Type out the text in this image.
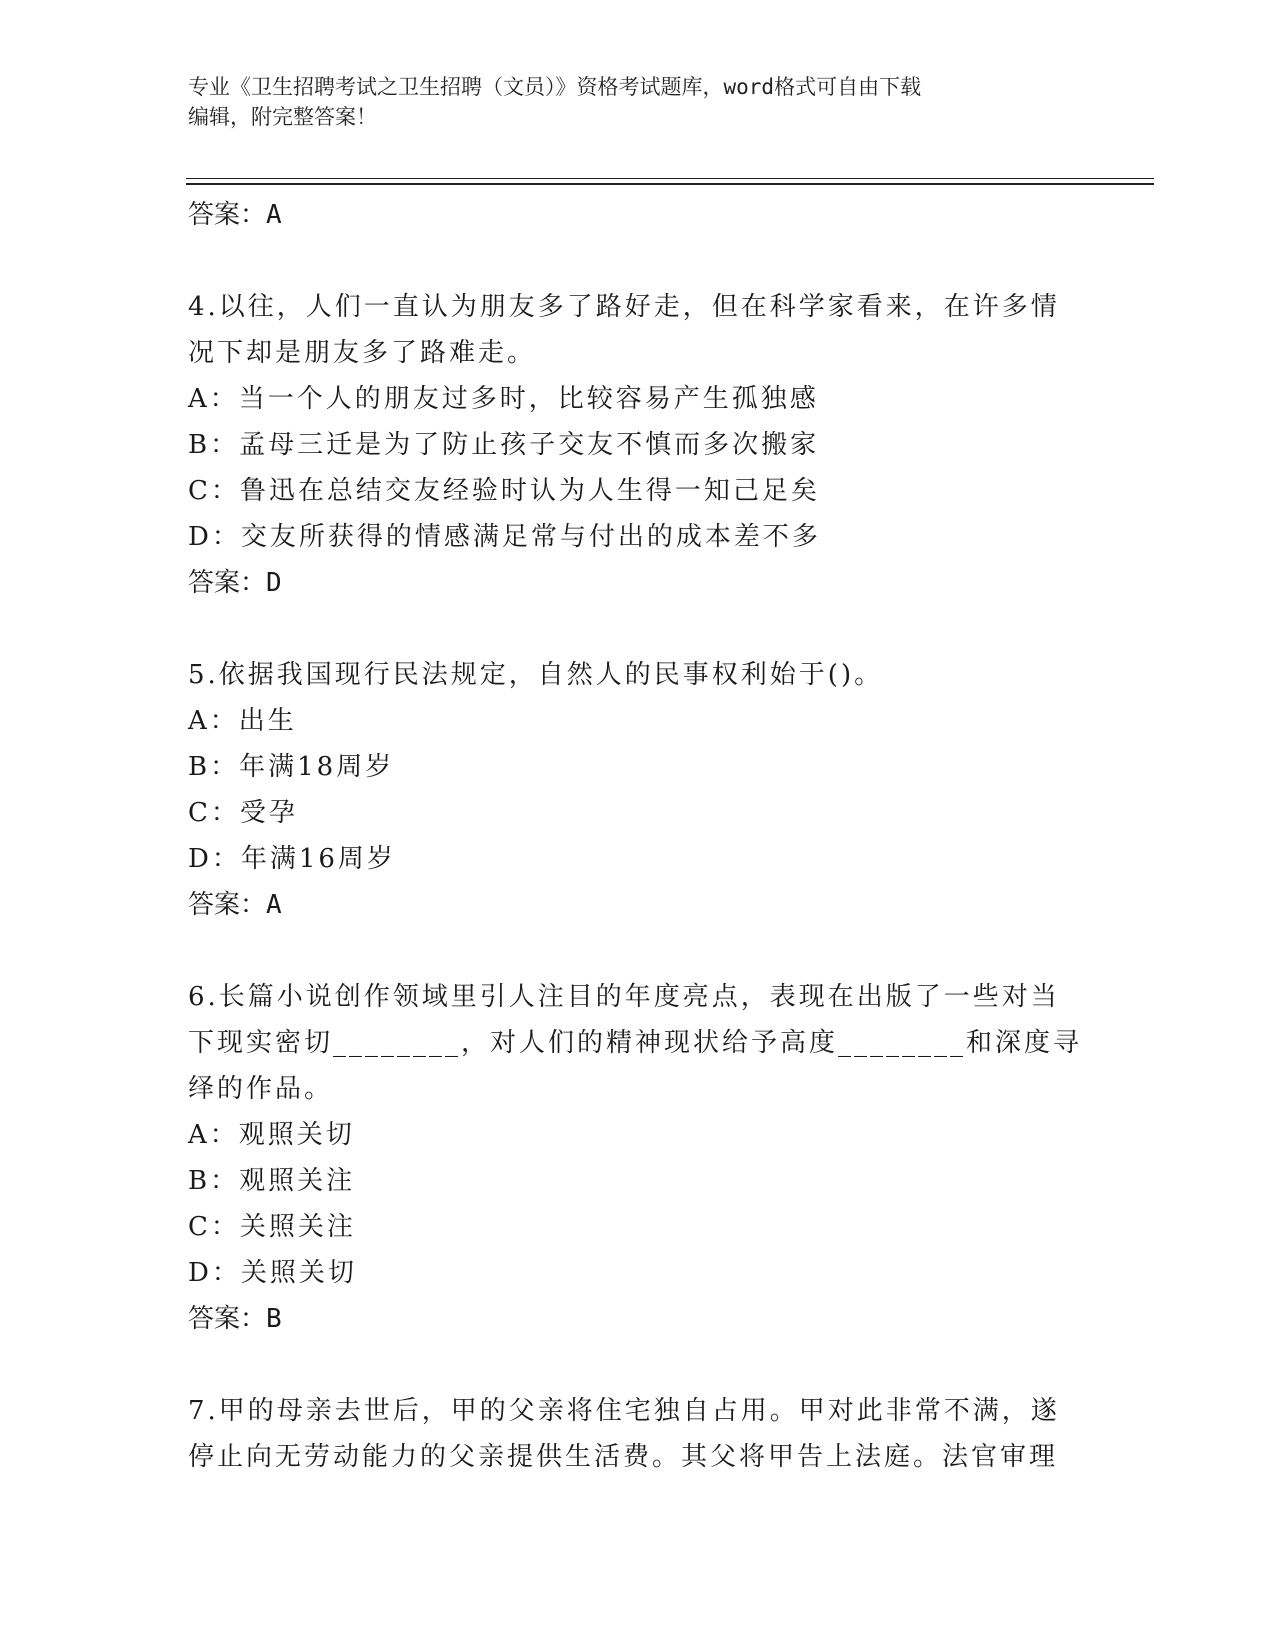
专业《卫生招聘考试之卫生招聘（文员）》资格考试题库，word格式可自由下载
编辑，附完整答案！
答案：A
4.以往，人们一直认为朋友多了路好走，但在科学家看来，在许多情
况下却是朋友多了路难走。
A：当一个人的朋友过多时，比较容易产生孤独感
B：孟母三迁是为了防止孩子交友不慎而多次搬家
C：鲁迅在总结交友经验时认为人生得一知己足矣
D：交友所获得的情感满足常与付出的成本差不多
答案：D
5.依据我国现行民法规定，自然人的民事权利始于()。
A：出生
B：年满18周岁
C：受孕
D：年满16周岁
答案：A
6.长篇小说创作领域里引人注目的年度亮点，表现在出版了一些对当
下现实密切________，对人们的精神现状给予高度________和深度寻
绎的作品。
A：观照关切
B：观照关注
C：关照关注
D：关照关切
答案：B
7.甲的母亲去世后，甲的父亲将住宅独自占用。甲对此非常不满，遂
停止向无劳动能力的父亲提供生活费。其父将甲告上法庭。法官审理
